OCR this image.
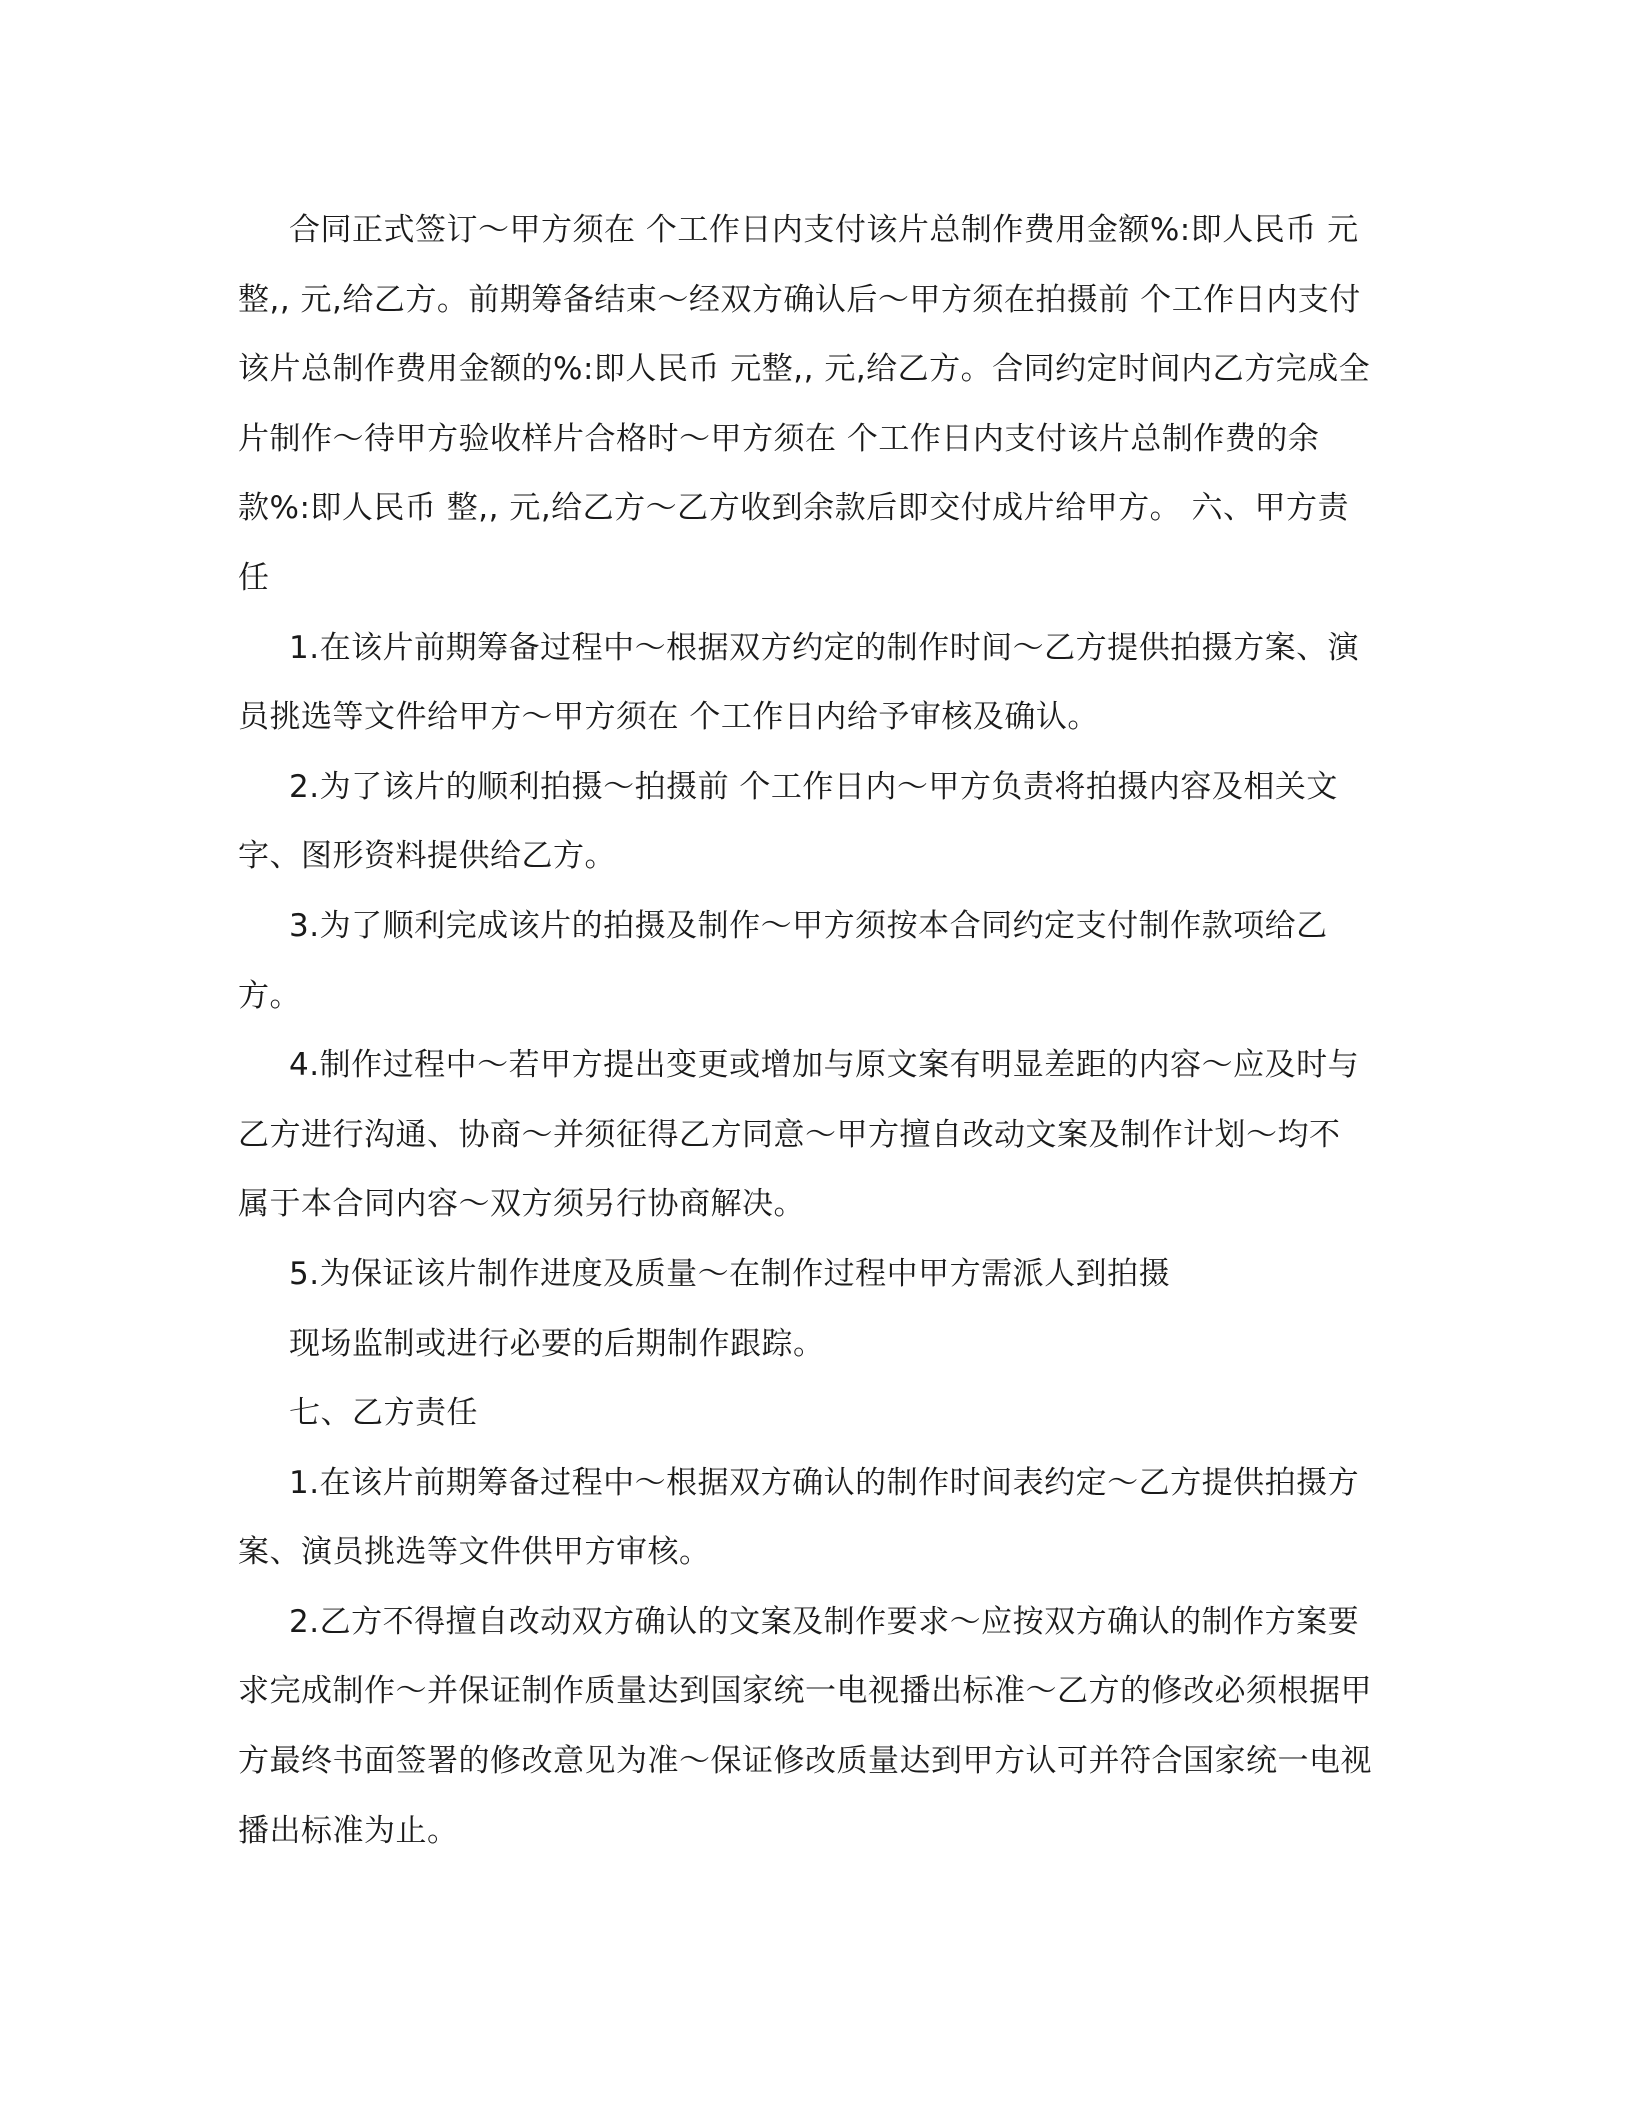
合同正式签订～甲方须在 个工作日内支付该片总制作费用金额%:即人民币 元

整,, 元,给乙方。前期筹备结束～经双方确认后～甲方须在拍摄前 个工作日内支付

该片总制作费用金额的%:即人民币 元整,, 元,给乙方。合同约定时间内乙方完成全

片制作～待甲方验收样片合格时～甲方须在 个工作日内支付该片总制作费的余

款%:即人民币 整,, 元,给乙方～乙方收到余款后即交付成片给甲方。 六、甲方责

任

1.在该片前期筹备过程中～根据双方约定的制作时间～乙方提供拍摄方案、演

员挑选等文件给甲方～甲方须在 个工作日内给予审核及确认。

2.为了该片的顺利拍摄～拍摄前 个工作日内～甲方负责将拍摄内容及相关文

字、图形资料提供给乙方。

3.为了顺利完成该片的拍摄及制作～甲方须按本合同约定支付制作款项给乙

方。

4.制作过程中～若甲方提出变更或增加与原文案有明显差距的内容～应及时与

乙方进行沟通、协商～并须征得乙方同意～甲方擅自改动文案及制作计划～均不

属于本合同内容～双方须另行协商解决。

5.为保证该片制作进度及质量～在制作过程中甲方需派人到拍摄

现场监制或进行必要的后期制作跟踪。

七、乙方责任

1.在该片前期筹备过程中～根据双方确认的制作时间表约定～乙方提供拍摄方

案、演员挑选等文件供甲方审核。

2.乙方不得擅自改动双方确认的文案及制作要求～应按双方确认的制作方案要

求完成制作～并保证制作质量达到国家统一电视播出标准～乙方的修改必须根据甲

方最终书面签署的修改意见为准～保证修改质量达到甲方认可并符合国家统一电视

播出标准为止。
